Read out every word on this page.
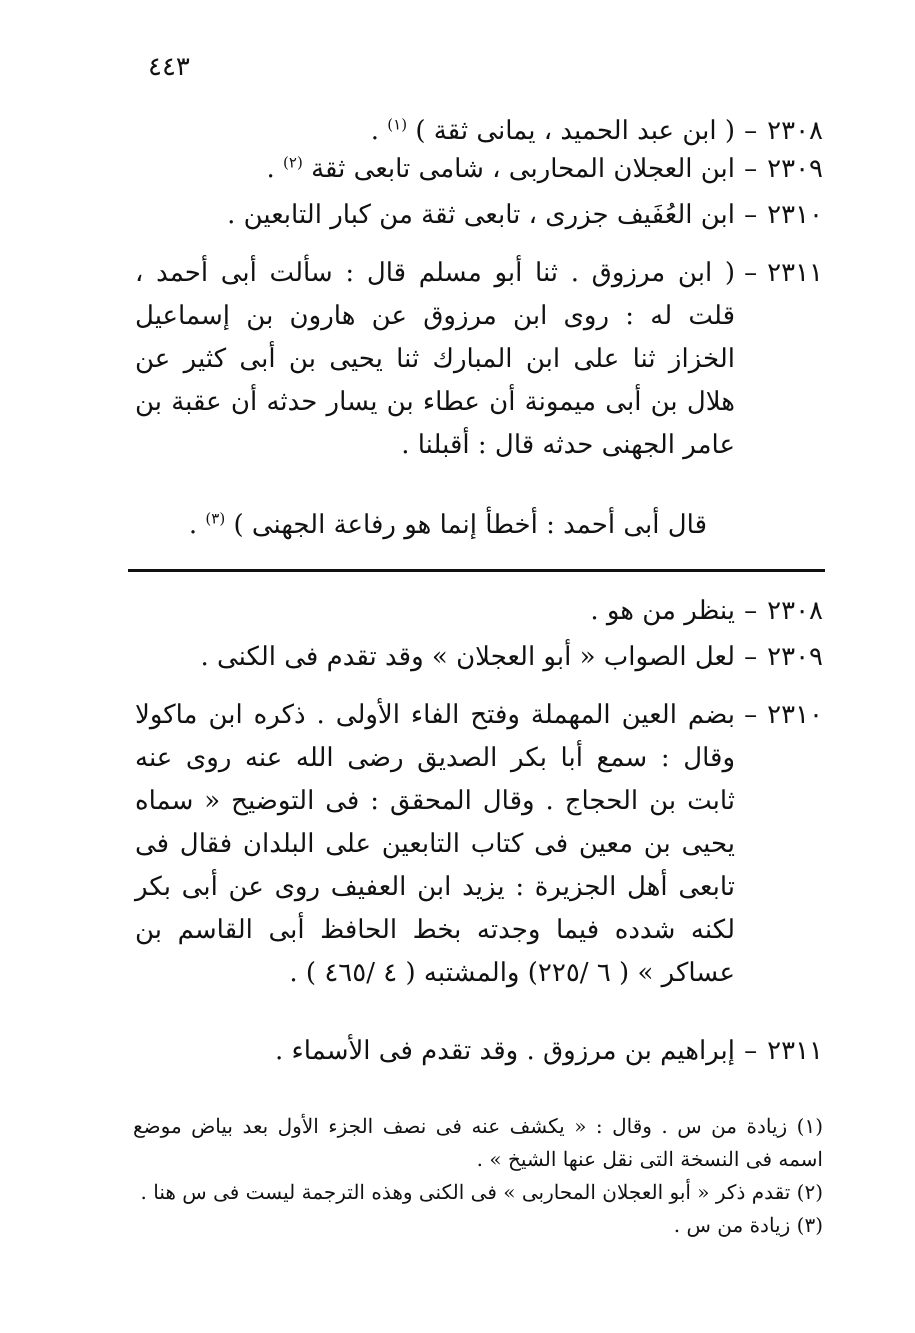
٤٤٣
٢٣٠٨–
( ابن عبد الحميد ، يمانى ثقة ) $^{(١)}$ .
٢٣٠٩–
ابن العجلان المحاربى ، شامى تابعى ثقة $^{(٢)}$ .
٢٣١٠–
ابن العُفَيف جزرى ، تابعى ثقة من كبار التابعين .
٢٣١١–
( ابن مرزوق . ثنا أبو مسلم قال : سألت أبى أحمد ، قلت له : روى ابن مرزوق عن هارون بن إسماعيل الخزاز ثنا على ابن المبارك ثنا يحيى بن أبى كثير عن هلال بن أبى ميمونة أن عطاء بن يسار حدثه أن عقبة بن عامر الجهنى حدثه قال : أقبلنا .
قال أبى أحمد : أخطأ إنما هو رفاعة الجهنى ) $^{(٣)}$ .
٢٣٠٨–
ينظر من هو .
٢٣٠٩–
لعل الصواب « أبو العجلان » وقد تقدم فى الكنى .
٢٣١٠–
بضم العين المهملة وفتح الفاء الأولى . ذكره ابن ماكولا وقال : سمع أبا بكر الصديق رضى الله عنه روى عنه ثابت بن الحجاج . وقال المحقق : فى التوضيح « سماه يحيى بن معين فى كتاب التابعين على البلدان فقال فى تابعى أهل الجزيرة : يزيد ابن العفيف روى عن أبى بكر لكنه شدده فيما وجدته بخط الحافظ أبى القاسم بن عساكر » ( ٦ /٢٢٥) والمشتبه ( ٤ /٤٦٥ ) .
٢٣١١–
إبراهيم بن مرزوق . وقد تقدم فى الأسماء .

(١) زيادة من س . وقال : « يكشف عنه فى نصف الجزء الأول بعد بياض موضع اسمه فى النسخة التى نقل عنها الشيخ » .

(٢) تقدم ذكر « أبو العجلان المحاربى » فى الكنى وهذه الترجمة ليست فى س هنا .

(٣) زيادة من س .
